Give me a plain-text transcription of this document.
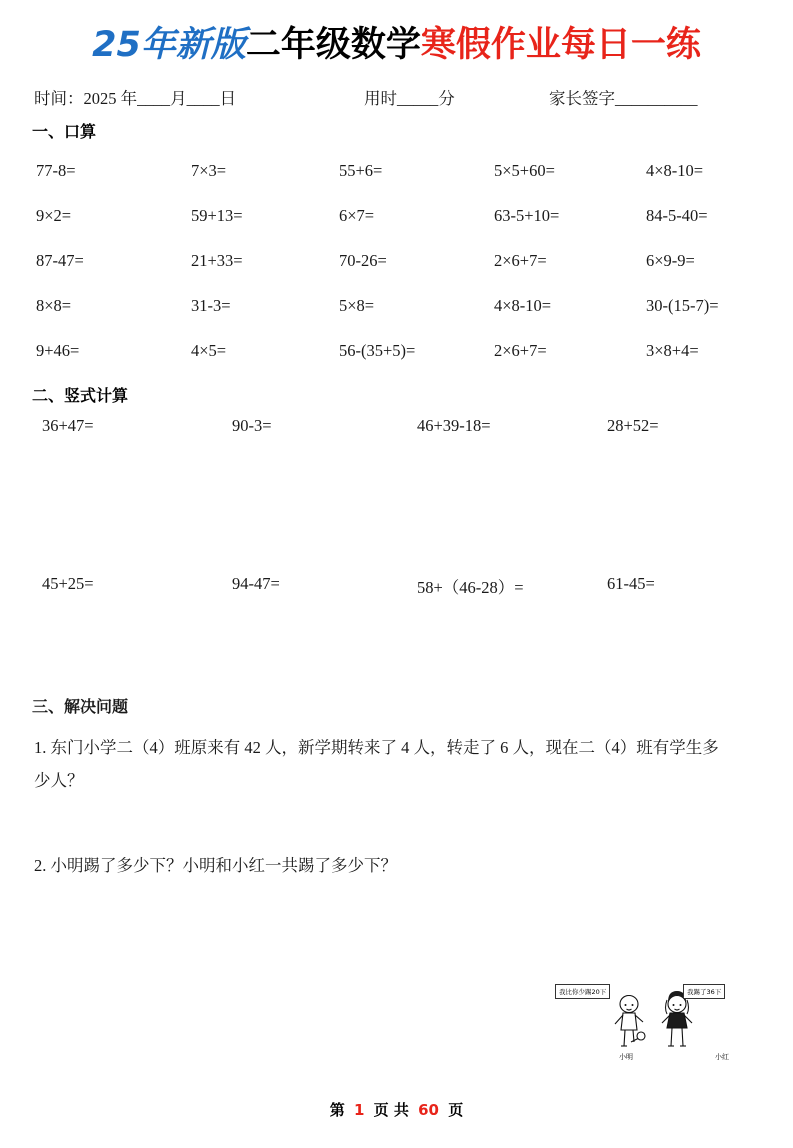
25年新版二年级数学寒假作业每日一练
时间：2025 年____月____日	用时_____分	家长签字__________
一、口算
77-8=	7×3=	55+6=	5×5+60=	4×8-10=
9×2=	59+13=	6×7=	63-5+10=	84-5-40=
87-47=	21+33=	70-26=	2×6+7=	6×9-9=
8×8=	31-3=	5×8=	4×8-10=	30-(15-7)=
9+46=	4×5=	56-(35+5)=	2×6+7=	3×8+4=
二、竖式计算
36+47=	90-3=	46+39-18=	28+52=
45+25=	94-47=	58+（46-28）=	61-45=
三、解决问题
1. 东门小学二（4）班原来有 42 人，新学期转来了 4 人，转走了 6 人，现在二（4）班有学生多少人？
2. 小明踢了多少下？小明和小红一共踢了多少下？
我比你少踢20下	我踢了36下
小明	小红
第 1 页 共 60 页
